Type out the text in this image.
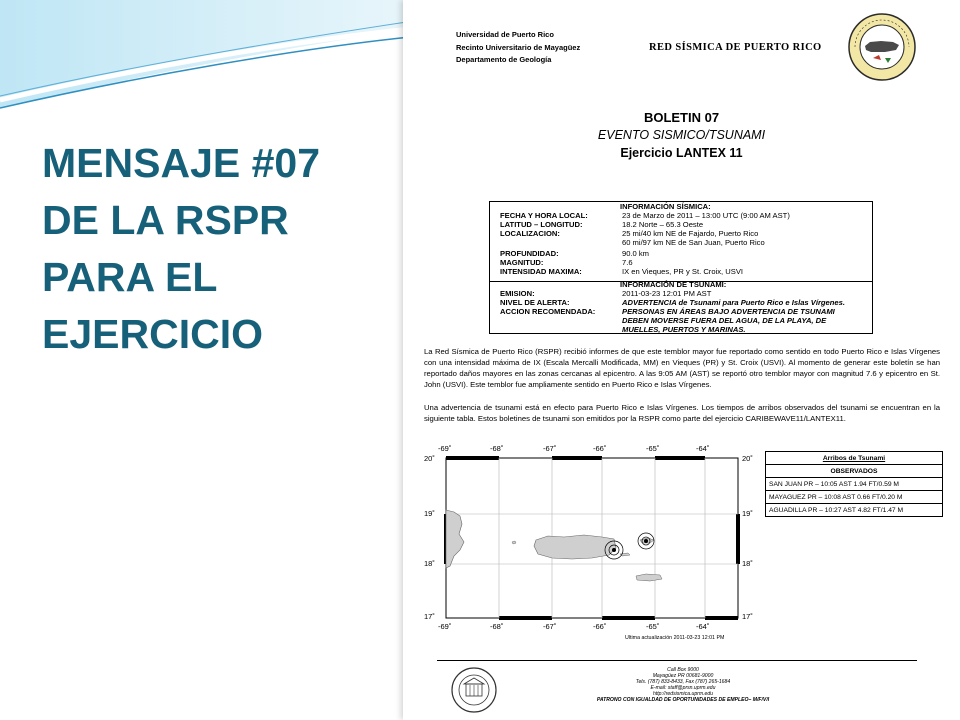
MENSAJE #07
DE LA RSPR
PARA EL
EJERCICIO
Universidad de Puerto Rico
Recinto Universitario de Mayagüez
Departamento de Geología
RED SÍSMICA DE PUERTO RICO
BOLETIN 07
EVENTO SISMICO/TSUNAMI
Ejercicio LANTEX 11
INFORMACIÓN SÍSMICA:
FECHA Y HORA LOCAL:	23 de Marzo de 2011 – 13:00 UTC (9:00 AM AST)
LATITUD – LONGITUD:	18.2 Norte – 65.3 Oeste
LOCALIZACION:	25 mi/40 km NE de Fajardo, Puerto Rico
60 mi/97 km NE de San Juan, Puerto Rico
PROFUNDIDAD:	90.0 km
MAGNITUD:	7.6
INTENSIDAD MAXIMA:	IX en Vieques, PR y St. Croix, USVI
INFORMACIÓN DE TSUNAMI:
EMISION:	2011-03-23 12:01 PM AST
NIVEL DE ALERTA:	ADVERTENCIA de Tsunami para Puerto Rico e Islas Vírgenes.
ACCION RECOMENDADA:	PERSONAS EN ÁREAS BAJO ADVERTENCIA DE TSUNAMI
DEBEN MOVERSE FUERA DEL AGUA, DE LA PLAYA, DE
MUELLES, PUERTOS Y MARINAS.

La Red Sísmica de Puerto Rico (RSPR) recibió informes de que este temblor mayor fue reportado como sentido en todo Puerto Rico e Islas Vírgenes con una intensidad máxima de IX (Escala Mercalli Modificada, MM) en Vieques (PR) y St. Croix (USVI). Al momento de generar este boletín se han reportado daños mayores en las zonas cercanas al epicentro. A las 9:05 AM (AST) se reportó otro temblor mayor con magnitud 7.6 y epicentro en St. John (USVI). Este temblor fue ampliamente sentido en Puerto Rico e Islas Vírgenes.

Una advertencia de tsunami está en efecto para Puerto Rico e Islas Vírgenes. Los tiempos de arribos observados del tsunami se encuentran en la siguiente tabla. Estos boletines de tsunami son emitidos por la RSPR como parte del ejercicio CARIBEWAVE11/LANTEX11.

-69˚	-68˚	-67˚	-66˚	-65˚	-64˚
-69˚	-68˚	-67˚	-66˚	-65˚	-64˚
20˚
19˚
18˚
17˚
20˚
19˚
18˚
17˚
Ultima actualización 2011-03-23 12:01 PM
Arribos de Tsunami
OBSERVADOS
SAN JUAN PR – 10:05 AST 1.94 FT/0.59 M
MAYAGUEZ PR – 10:08 AST 0.66 FT/0.20 M
AGUADILLA PR – 10:27 AST 4.82 FT/1.47 M
Call Box 9000
Mayagüez PR 00681-9000
Tels. (787) 833-8433, Fax (787) 265-1684
E-mail: staff@prsn.uprm.edu
http://redsismica.uprm.edu
PATRONO CON IGUALDAD DE OPORTUNIDADES DE EMPLEO– M/F/V/I
